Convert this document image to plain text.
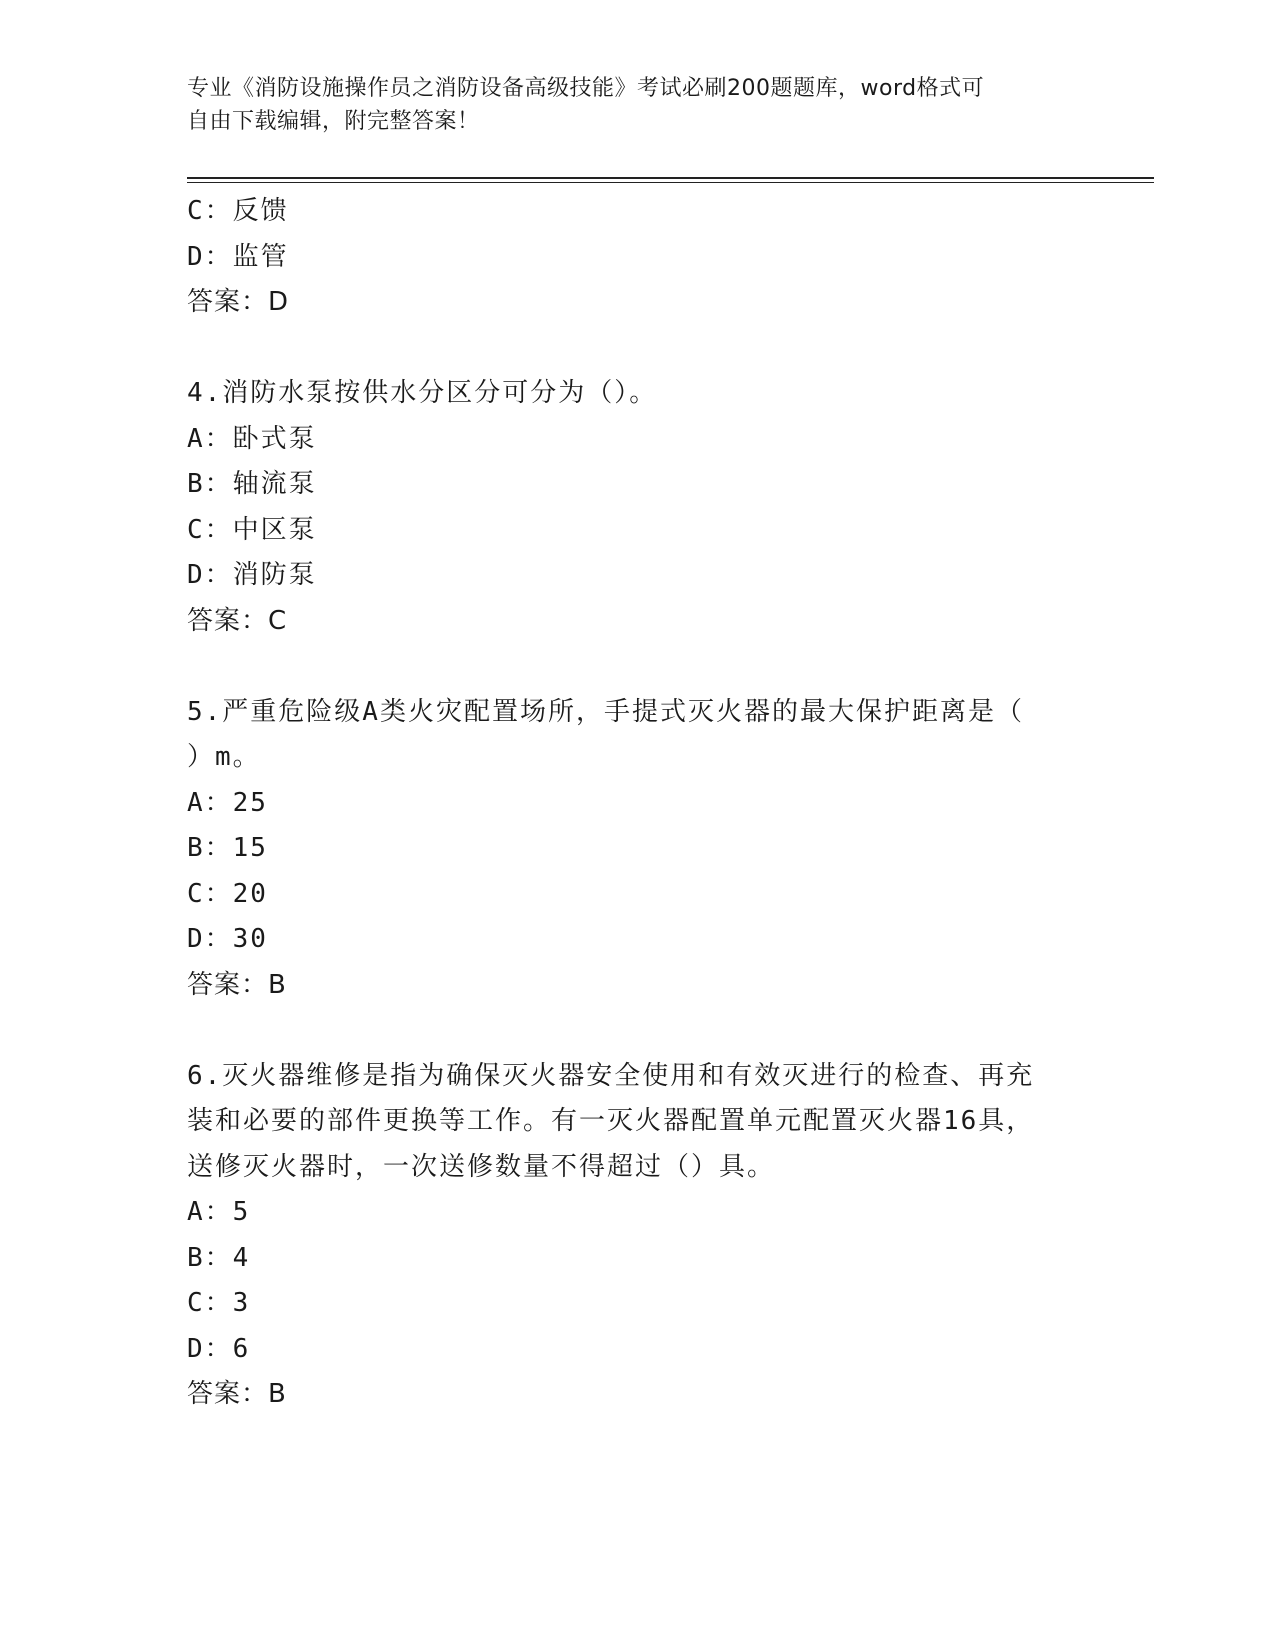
专业《消防设施操作员之消防设备高级技能》考试必刷200题题库，word格式可
自由下载编辑，附完整答案！
C：反馈
D：监管
答案：D
4.消防水泵按供水分区分可分为（）。
A：卧式泵
B：轴流泵
C：中区泵
D：消防泵
答案：C
5.严重危险级A类火灾配置场所，手提式灭火器的最大保护距离是（
）m。
A：25
B：15
C：20
D：30
答案：B
6.灭火器维修是指为确保灭火器安全使用和有效灭进行的检查、再充
装和必要的部件更换等工作。有一灭火器配置单元配置灭火器16具，
送修灭火器时，一次送修数量不得超过（）具。
A：5
B：4
C：3
D：6
答案：B
